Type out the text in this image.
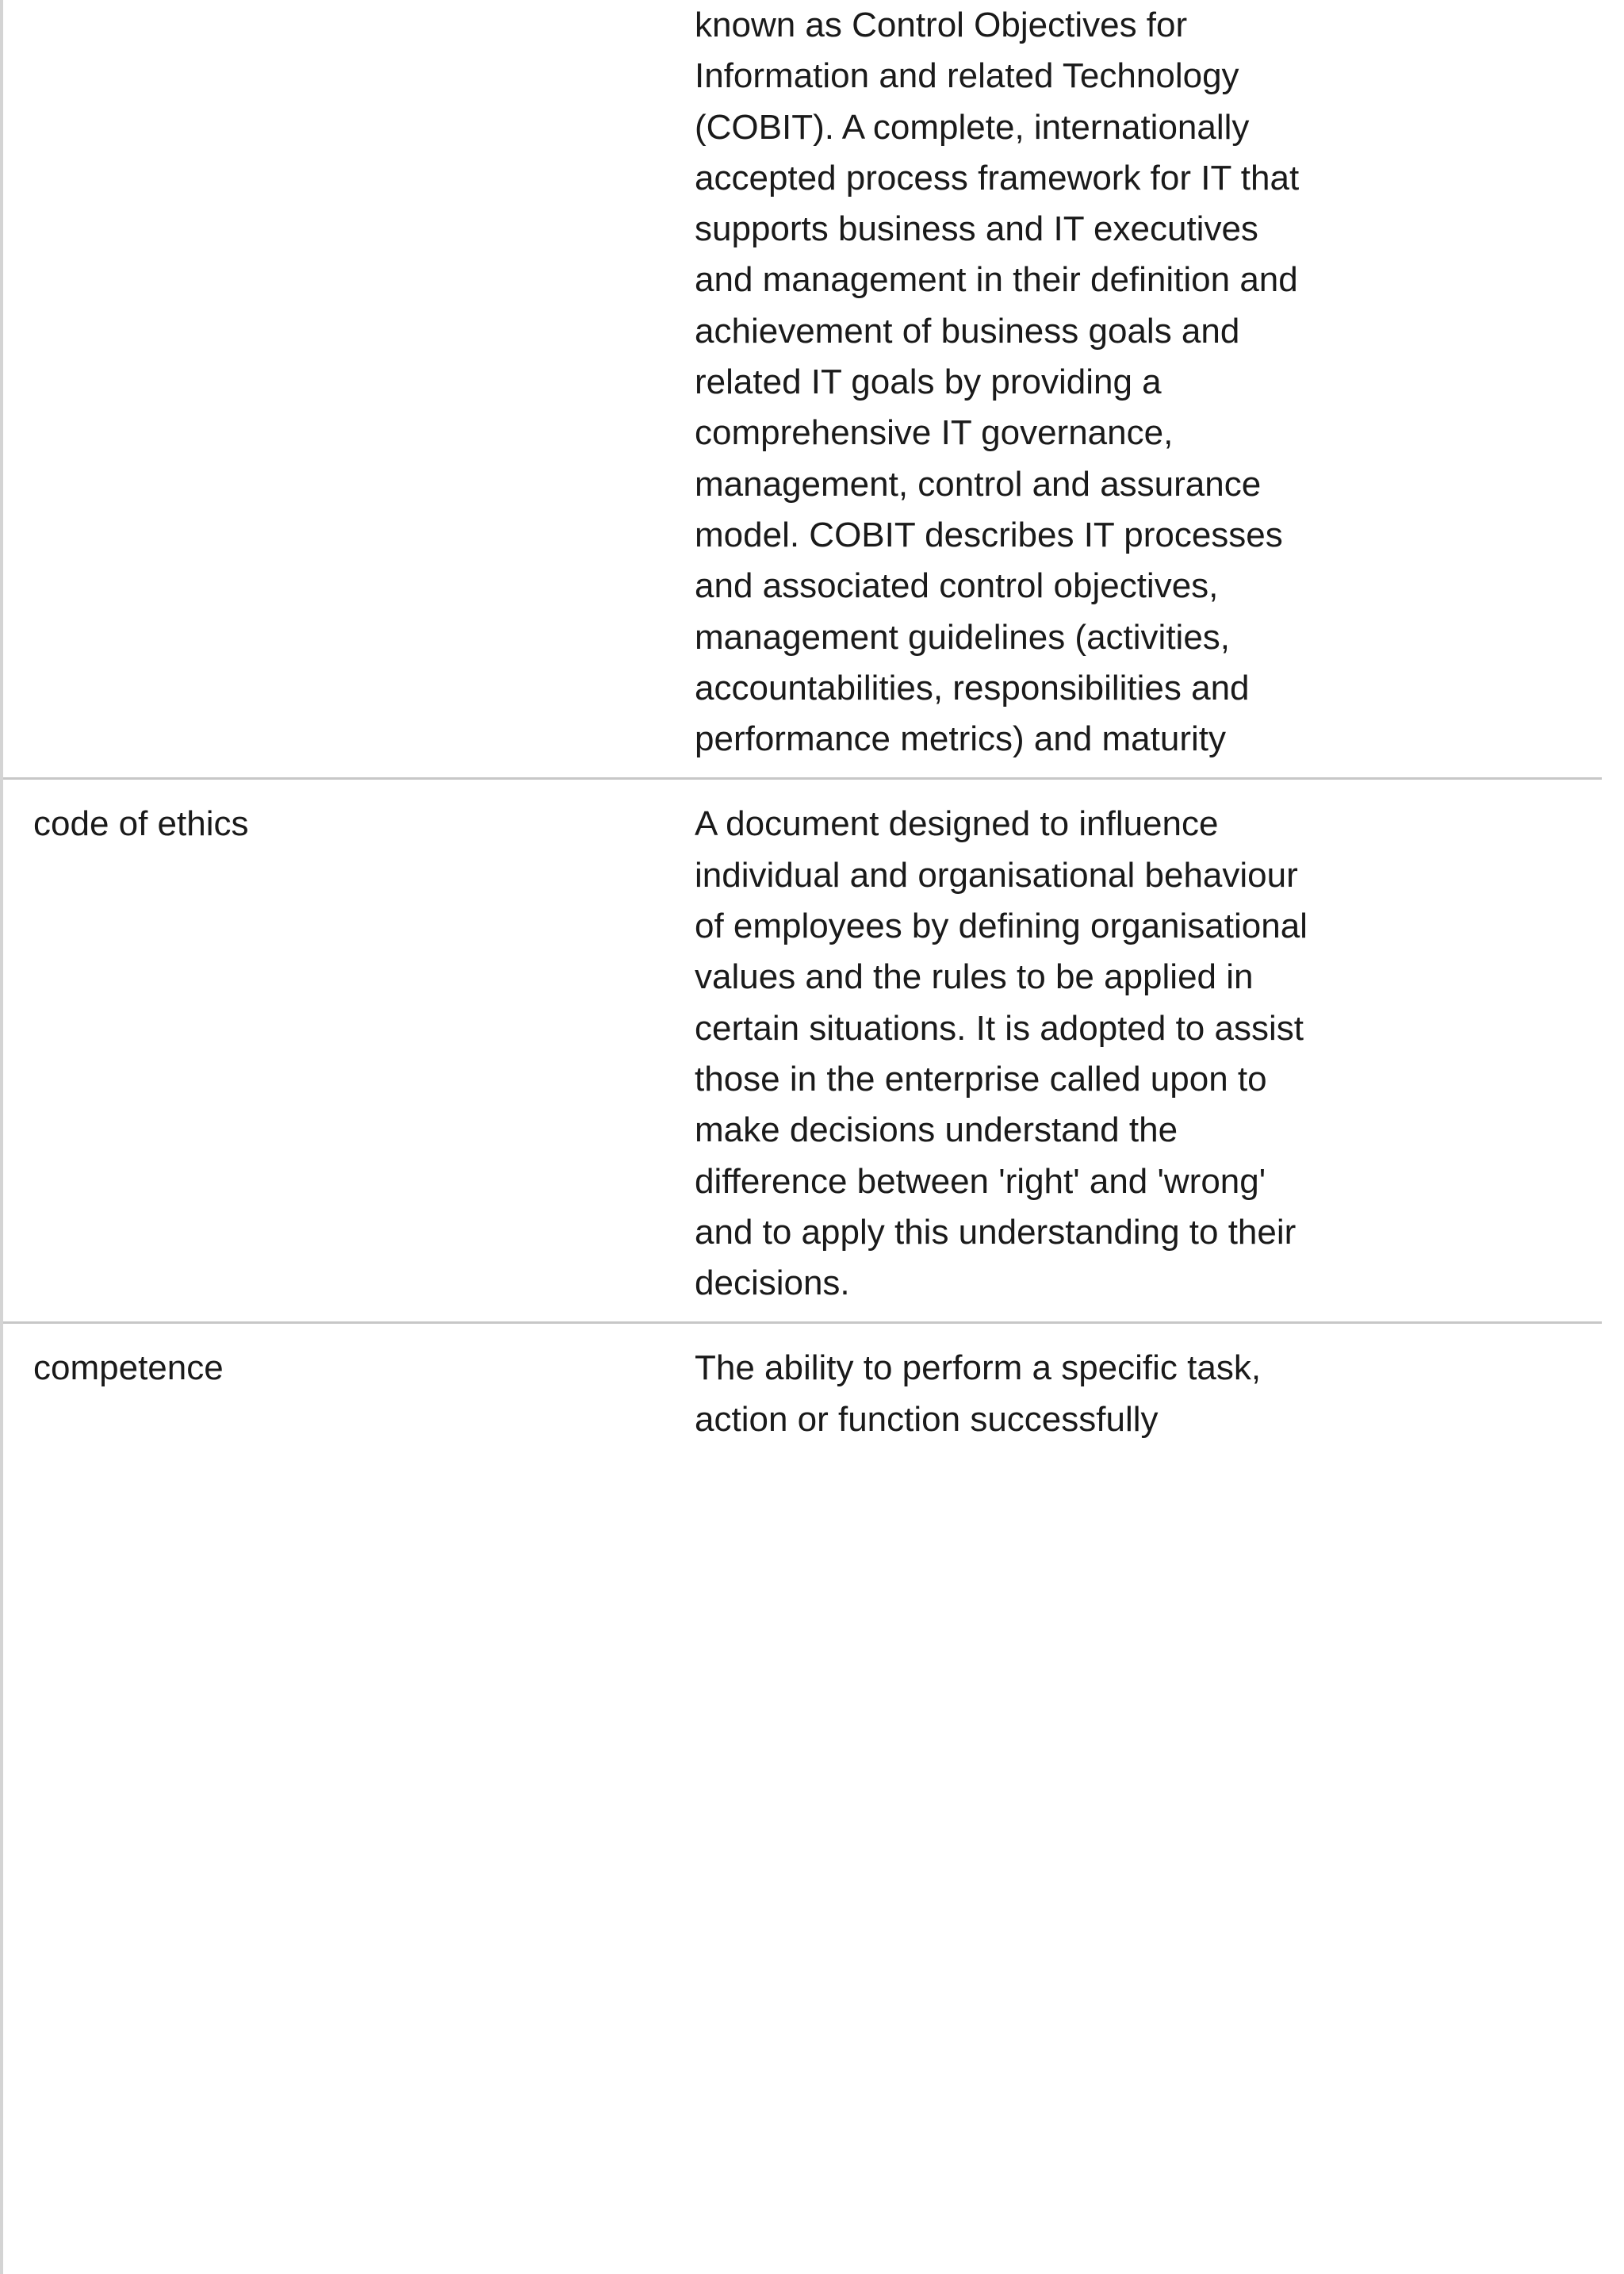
known as Control Objectives for
Information and related Technology
(COBIT). A complete, internationally
accepted process framework for IT that
supports business and IT executives
and management in their definition and
achievement of business goals and
related IT goals by providing a
comprehensive IT governance,
management, control and assurance
model. COBIT describes IT processes
and associated control objectives,
management guidelines (activities,
accountabilities, responsibilities and
performance metrics) and maturity
code of ethics	A document designed to influence
individual and organisational behaviour
of employees by defining organisational
values and the rules to be applied in
certain situations. It is adopted to assist
those in the enterprise called upon to
make decisions understand the
difference between 'right' and 'wrong'
and to apply this understanding to their
decisions.
competence	The ability to perform a specific task,
action or function successfully
